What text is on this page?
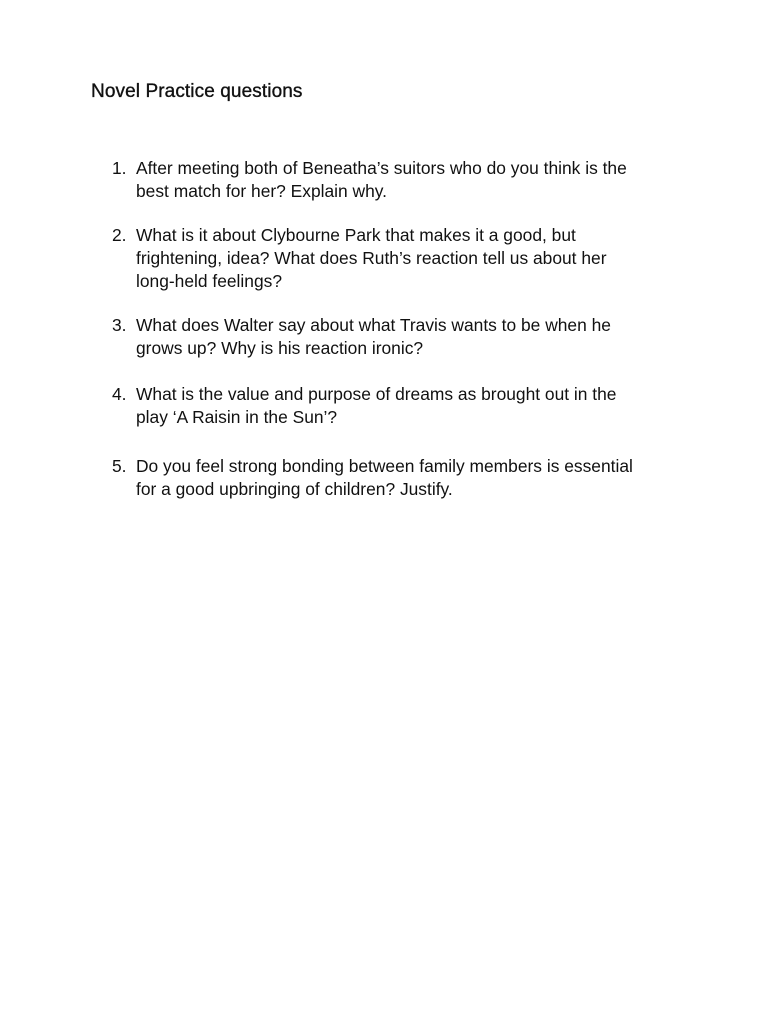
Novel Practice questions
1. After meeting both of Beneatha’s suitors who do you think is the
best match for her? Explain why.
2. What is it about Clybourne Park that makes it a good, but
frightening, idea? What does Ruth’s reaction tell us about her
long-held feelings?
3. What does Walter say about what Travis wants to be when he
grows up? Why is his reaction ironic?
4. What is the value and purpose of dreams as brought out in the
play ‘A Raisin in the Sun’?
5. Do you feel strong bonding between family members is essential
for a good upbringing of children? Justify.
